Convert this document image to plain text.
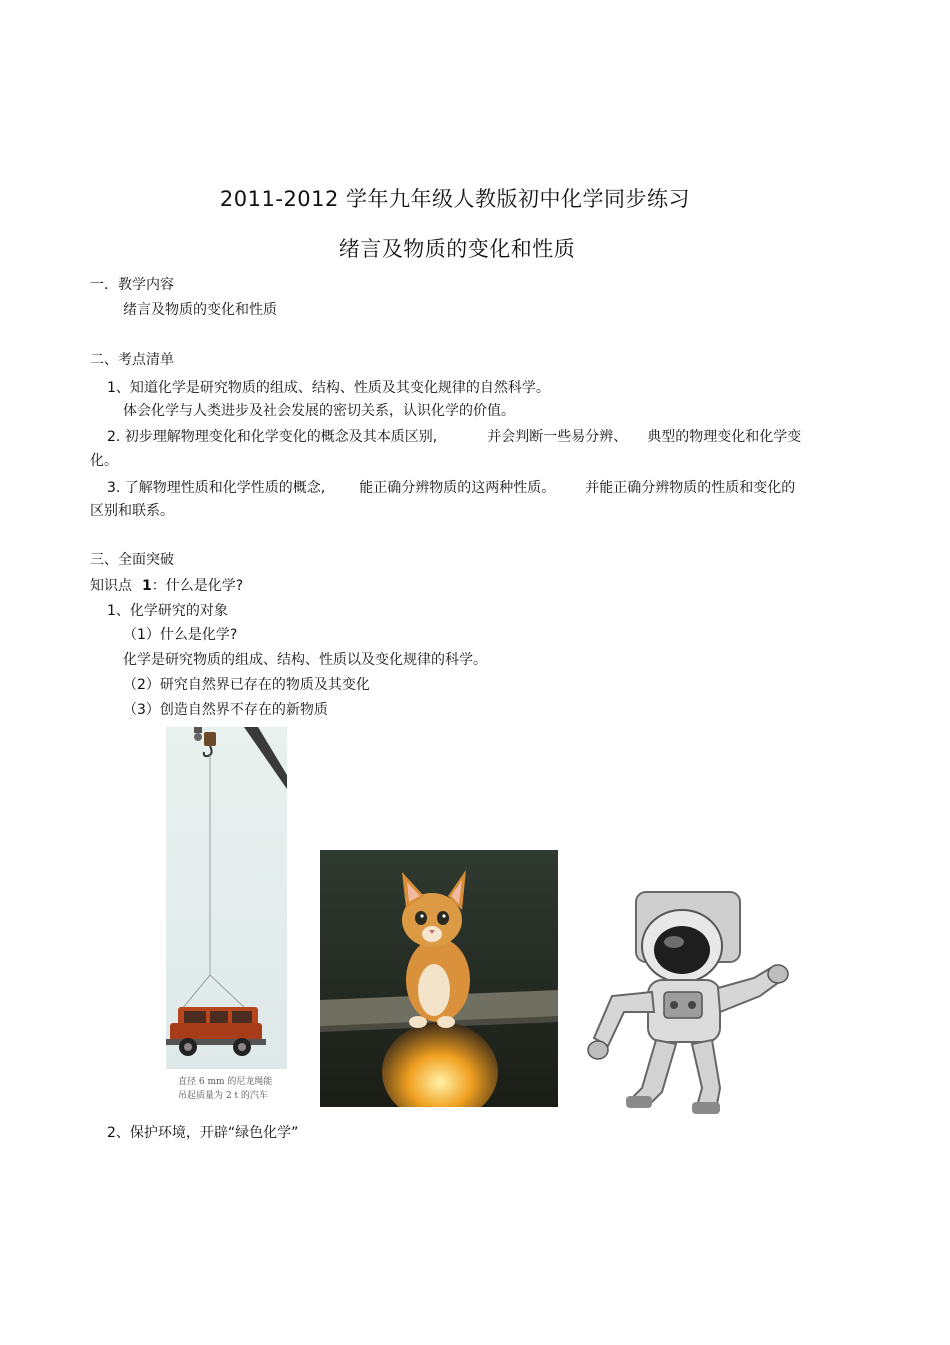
2011-2012 学年九年级人教版初中化学同步练习
绪言及物质的变化和性质
一．教学内容
绪言及物质的变化和性质
二、考点清单
1、知道化学是研究物质的组成、结构、性质及其变化规律的自然科学。
体会化学与人类进步及社会发展的密切关系，认识化学的价值。
2. 初步理解物理变化和化学变化的概念及其本质区别,	并会判断一些易分辨、 典型的物理变化和化学变
化。
3. 了解物理性质和化学性质的概念, 能正确分辨物质的这两种性质。 并能正确分辨物质的性质和变化的
区别和联系。
三、全面突破
知识点 1：什么是化学?
1、化学研究的对象
（1）什么是化学?
化学是研究物质的组成、结构、性质以及变化规律的科学。
（2）研究自然界已存在的物质及其变化
（3）创造自然界不存在的新物质
直径 6 mm 的尼龙绳能
吊起质量为 2 t 的汽车
2、保护环境，开辟“绿色化学”
